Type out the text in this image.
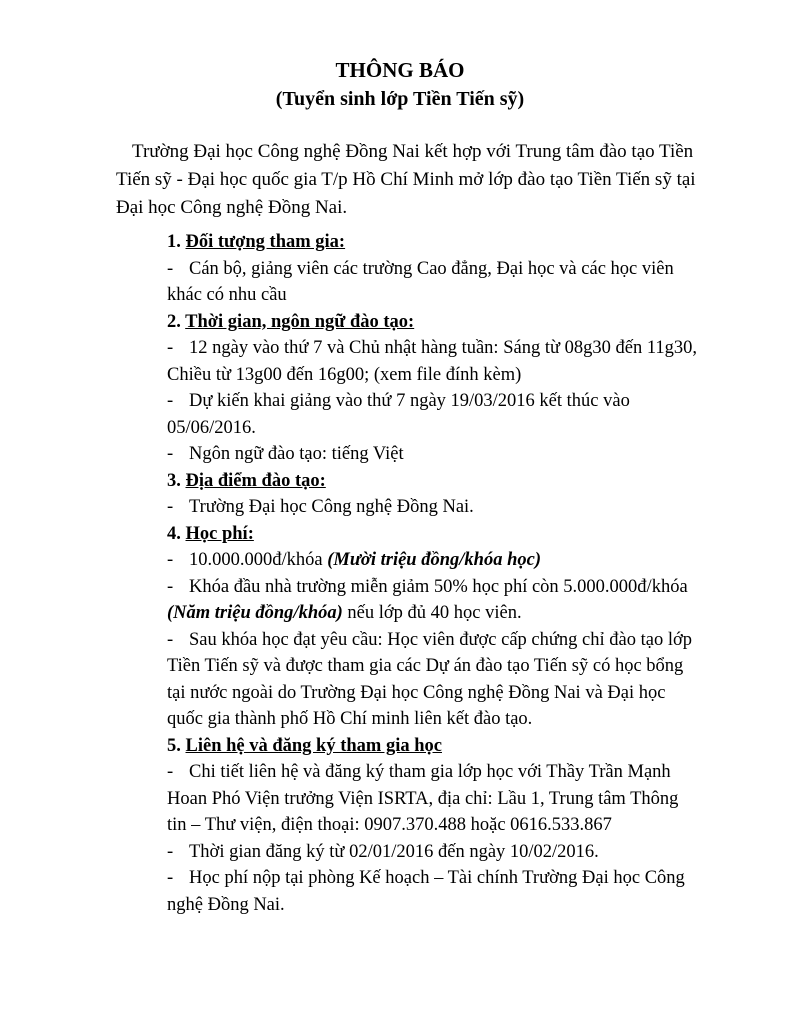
THÔNG BÁO
(Tuyển sinh lớp Tiền Tiến sỹ)
Trường Đại học Công nghệ Đồng Nai kết hợp với Trung tâm đào tạo Tiền
Tiến sỹ - Đại học quốc gia T/p Hồ Chí Minh mở lớp đào tạo Tiền Tiến sỹ tại
Đại học Công nghệ Đồng Nai.
1. Đối tượng tham gia:
- Cán bộ, giảng viên các trường Cao đẳng, Đại học và các học viên
khác có nhu cầu
2. Thời gian, ngôn ngữ đào tạo:
- 12 ngày vào thứ 7 và Chủ nhật hàng tuần: Sáng từ 08g30 đến 11g30,
Chiều từ 13g00 đến 16g00; (xem file đính kèm)
- Dự kiến khai giảng vào thứ 7 ngày 19/03/2016 kết thúc vào
05/06/2016.
- Ngôn ngữ đào tạo: tiếng Việt
3. Địa điểm đào tạo:
- Trường Đại học Công nghệ Đồng Nai.
4. Học phí:
- 10.000.000đ/khóa (Mười triệu đồng/khóa học)
- Khóa đầu nhà trường miễn giảm 50% học phí còn 5.000.000đ/khóa
(Năm triệu đồng/khóa) nếu lớp đủ 40 học viên.
- Sau khóa học đạt yêu cầu: Học viên được cấp chứng chỉ đào tạo lớp
Tiền Tiến sỹ và được tham gia các Dự án đào tạo Tiến sỹ có học bổng
tại nước ngoài do Trường Đại học Công nghệ Đồng Nai và Đại học
quốc gia thành phố Hồ Chí minh liên kết đào tạo.
5. Liên hệ và đăng ký tham gia học
- Chi tiết liên hệ và đăng ký tham gia lớp học với Thầy Trần Mạnh
Hoan Phó Viện trưởng Viện ISRTA, địa chỉ: Lầu 1, Trung tâm Thông
tin – Thư viện, điện thoại: 0907.370.488 hoặc 0616.533.867
- Thời gian đăng ký từ 02/01/2016 đến ngày 10/02/2016.
- Học phí nộp tại phòng Kế hoạch – Tài chính Trường Đại học Công
nghệ Đồng Nai.
